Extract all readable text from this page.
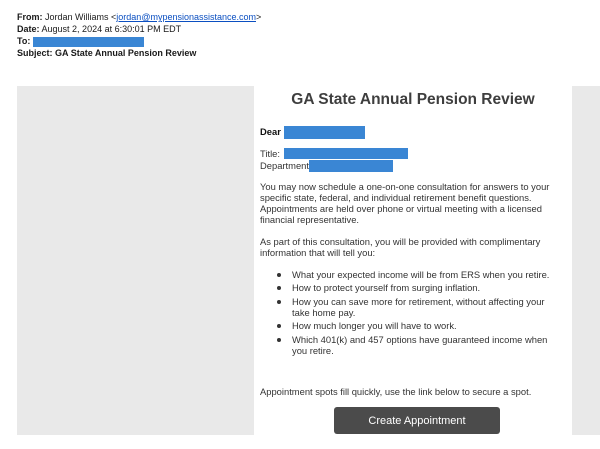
From: Jordan Williams <jordan@mypensionassistance.com>
Date: August 2, 2024 at 6:30:01 PM EDT
To:
Subject: GA State Annual Pension Review
GA State Annual Pension Review
Dear
Title:
Department
You may now schedule a one-on-one consultation for answers to your specific state, federal, and individual retirement benefit questions. Appointments are held over phone or virtual meeting with a licensed financial representative.
As part of this consultation, you will be provided with complimentary information that will tell you:
What your expected income will be from ERS when you retire.
How to protect yourself from surging inflation.
How you can save more for retirement, without affecting your take home pay.
How much longer you will have to work.
Which 401(k) and 457 options have guaranteed income when you retire.
Appointment spots fill quickly, use the link below to secure a spot.
Create Appointment
